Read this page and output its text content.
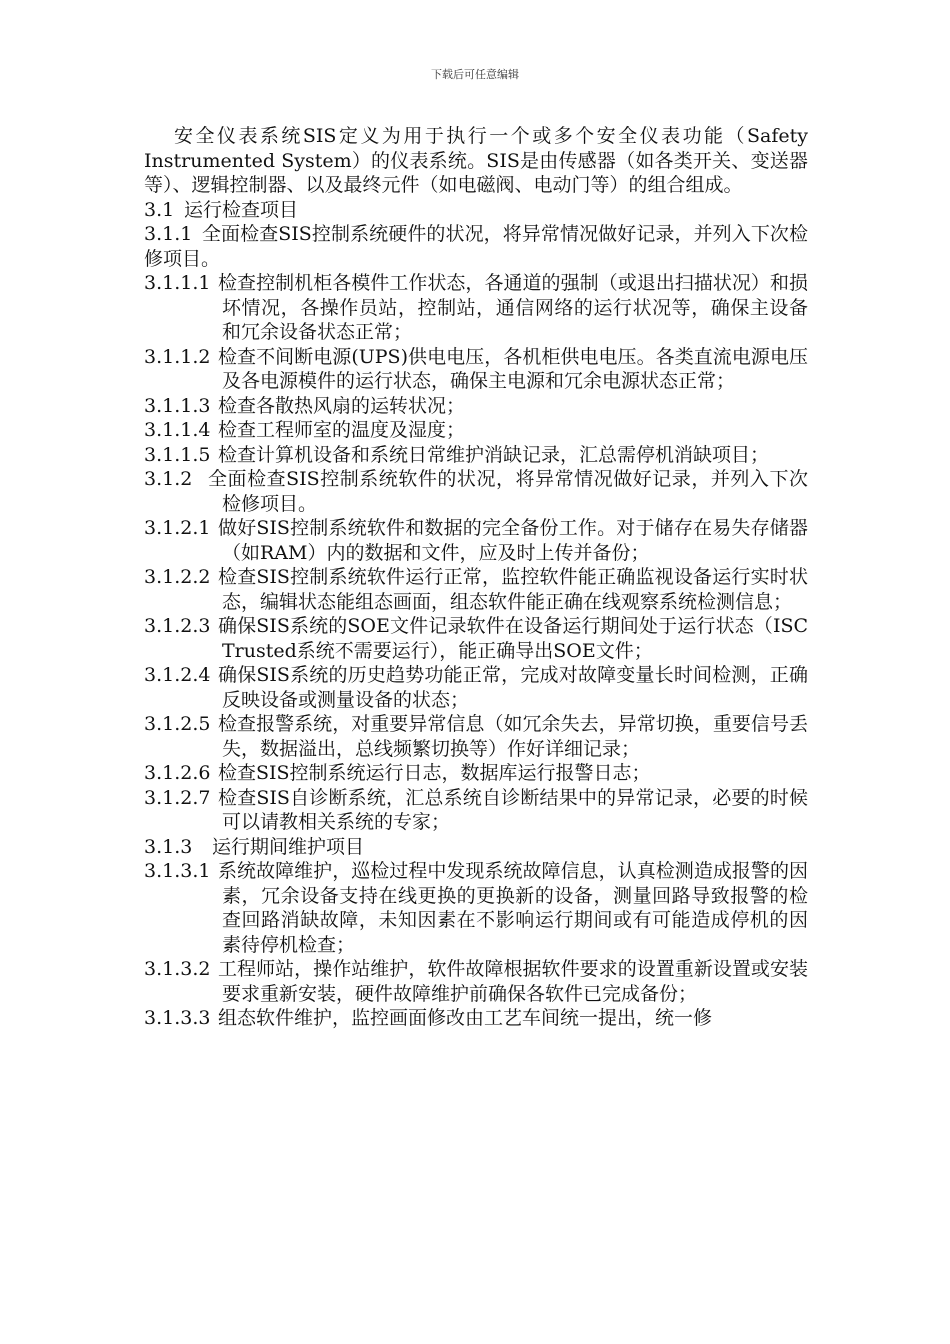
下载后可任意编辑

安全仪表系统SIS定义为用于执行一个或多个安全仪表功能（Safety Instrumented System）的仪表系统。SIS是由传感器（如各类开关、变送器等）、逻辑控制器、以及最终元件（如电磁阀、电动门等）的组合组成。

3.1 运行检查项目
3.1.1  全面检查SIS控制系统硬件的状况，将异常情况做好记录，并列入下次检修项目。
3.1.1.1 检查控制机柜各模件工作状态，各通道的强制（或退出扫描状况）和损坏情况，各操作员站，控制站，通信网络的运行状况等，确保主设备和冗余设备状态正常；
3.1.1.2 检查不间断电源(UPS)供电电压，各机柜供电电压。各类直流电源电压及各电源模件的运行状态，确保主电源和冗余电源状态正常；
3.1.1.3 检查各散热风扇的运转状况；
3.1.1.4 检查工程师室的温度及湿度；
3.1.1.5 检查计算机设备和系统日常维护消缺记录，汇总需停机消缺项目；
3.1.2 全面检查SIS控制系统软件的状况，将异常情况做好记录，并列入下次检修项目。
3.1.2.1 做好SIS控制系统软件和数据的完全备份工作。对于储存在易失存储器（如RAM）内的数据和文件，应及时上传并备份；
3.1.2.2 检查SIS控制系统软件运行正常，监控软件能正确监视设备运行实时状态，编辑状态能组态画面，组态软件能正确在线观察系统检测信息；
3.1.2.3 确保SIS系统的SOE文件记录软件在设备运行期间处于运行状态（ISC Trusted系统不需要运行），能正确导出SOE文件；
3.1.2.4 确保SIS系统的历史趋势功能正常，完成对故障变量长时间检测，正确反映设备或测量设备的状态；
3.1.2.5 检查报警系统，对重要异常信息（如冗余失去，异常切换，重要信号丢失，数据溢出，总线频繁切换等）作好详细记录；
3.1.2.6 检查SIS控制系统运行日志，数据库运行报警日志；
3.1.2.7 检查SIS自诊断系统，汇总系统自诊断结果中的异常记录，必要的时候可以请教相关系统的专家；
3.1.3	运行期间维护项目
3.1.3.1 系统故障维护，巡检过程中发现系统故障信息，认真检测造成报警的因素，冗余设备支持在线更换的更换新的设备，测量回路导致报警的检查回路消缺故障，未知因素在不影响运行期间或有可能造成停机的因素待停机检查；
3.1.3.2 工程师站，操作站维护，软件故障根据软件要求的设置重新设置或安装要求重新安装，硬件故障维护前确保各软件已完成备份；
3.1.3.3 组态软件维护，监控画面修改由工艺车间统一提出，统一修
